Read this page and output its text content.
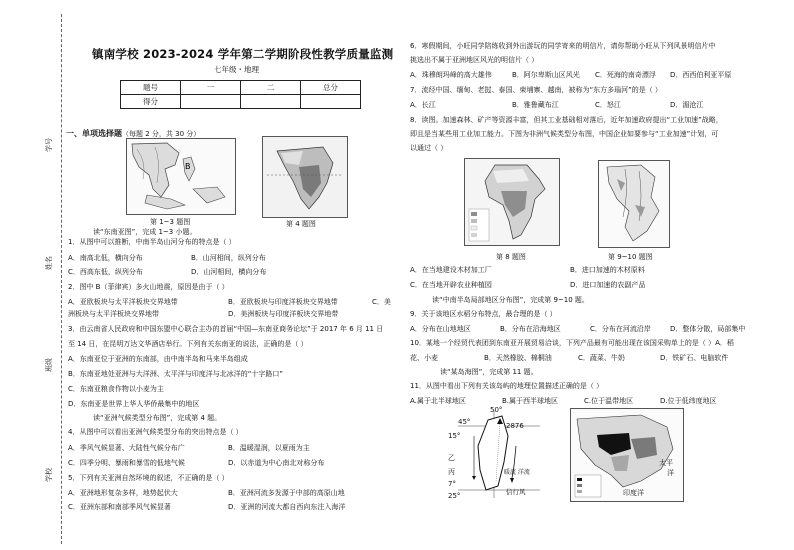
学号
姓名
班级
学校
镇南学校 2023-2024 学年第二学期阶段性教学质量监测
七年级・地理
题号	一	二	总分
得分			
一、单项选择题（每题 2 分，共 30 分）
B
第 1~3 题图	第 4 题图
读“东南亚图”，完成 1~3 小题。
1．从图中可以推断，中南半岛山河分布的特点是（ ）
A．南高北低，横向分布	B．山河相间，纵列分布
C．西高东低，纵列分布	D．山河相间，横向分布
2．图中 B（菲律宾）多火山地震，原因是由于（ ）
A．亚欧板块与太平洋板块交界地带	B．亚欧板块与印度洋板块交界地带	C．美
洲板块与太平洋板块交界地带	D．美洲板块与印度洋板块交界地带
3．由云南省人民政府和中国东盟中心联合主办的首届“中国—东南亚商务论坛”于 2017 年 6 月 11 日
至 14 日，在昆明万达文华酒店举行。下列有关东南亚的说法，正确的是（ ）
A．东南亚位于亚洲的东南部，由中南半岛和马来半岛组成
B．东南亚地处亚洲与大洋洲、太平洋与印度洋与北冰洋的“十字路口”
C．东南亚粮食作物以小麦为主
D．东南亚是世界上华人华侨最集中的地区
读“亚洲气候类型分布图”，完成第 4 题。
4．从图中可以看出亚洲气候类型分布的突出特点是（ ）
A．季风气候显著、大陆性气候分布广	B．温暖湿润，以夏雨为主
C．四季分明、暴雨和暴雪的低地气候	D．以赤道为中心南北对称分布
5．下列有关亚洲自然环境的叙述，不正确的是（ ）
A．亚洲地形复杂多样，地势起伏大	B．亚洲河流多发源于中部的高原山地
C．亚洲东部和南部季风气候显著	D．亚洲的河流大都自西向东注入海洋
6．寒假期间，小旺同学陪练收到外出游玩的同学寄来的明信片，请你帮助小旺从下列风景明信片中
挑选出不属于亚洲地区风光的明信片（ ）
A．珠穆朗玛峰的高大雄伟	B．阿尔卑斯山区风光 C．死海的南奇漂浮 D．西西伯利亚平原
7．流经中国、缅甸、老挝、泰国、柬埔寨、越南，被称为“东方多瑙河”的是（ ）
A．长江	B．雅鲁藏布江	C．怒江	D．湄沧江
8．读图。加速森林、矿产等资源丰富，但其工业基础相对落后，近年加速政府提出“工业加速”战略，
即且是当某些用工业加工能力。下图为非洲气候类型分布图，中国企业如要参与“工业加速”计划，可
以通过（ ）
第 8 题图	第 9~10 题图
A．在当地建设木材加工厂	B．进口加速的木材原料
C．在当地开辟农业种植园	D．进口加速的农副产品
读“中南半岛局部地区分布图”，完成第 9~10 题。
9．关于该地区水稻分布特点，最合理的是（ ）
A．分布在山地地区	B．分布在沿海地区	C．分布在河流沿岸	D．整体分散，局部集中
10．某地一个经贸代表团到东南亚开展贸易洽谈，下列产品最有可能出现在该国采购单上的是（ ）A．稻
花、小麦	B．天然橡胶、棉桐油	C．蔬菜、牛奶	D．铁矿石、电脑软件
读“某岛海图”，完成第 11 题。
11．从图中看出下列有关该岛屿的地理位置描述正确的是（ ）
A.属于北半球地区	B.属于西半球地区	C.位于温带地区	D.位于低纬度地区
50°
45°
15°
2876
乙
丙
7°
25°
暖流 洋流
信行风
太平
洋
印度洋
